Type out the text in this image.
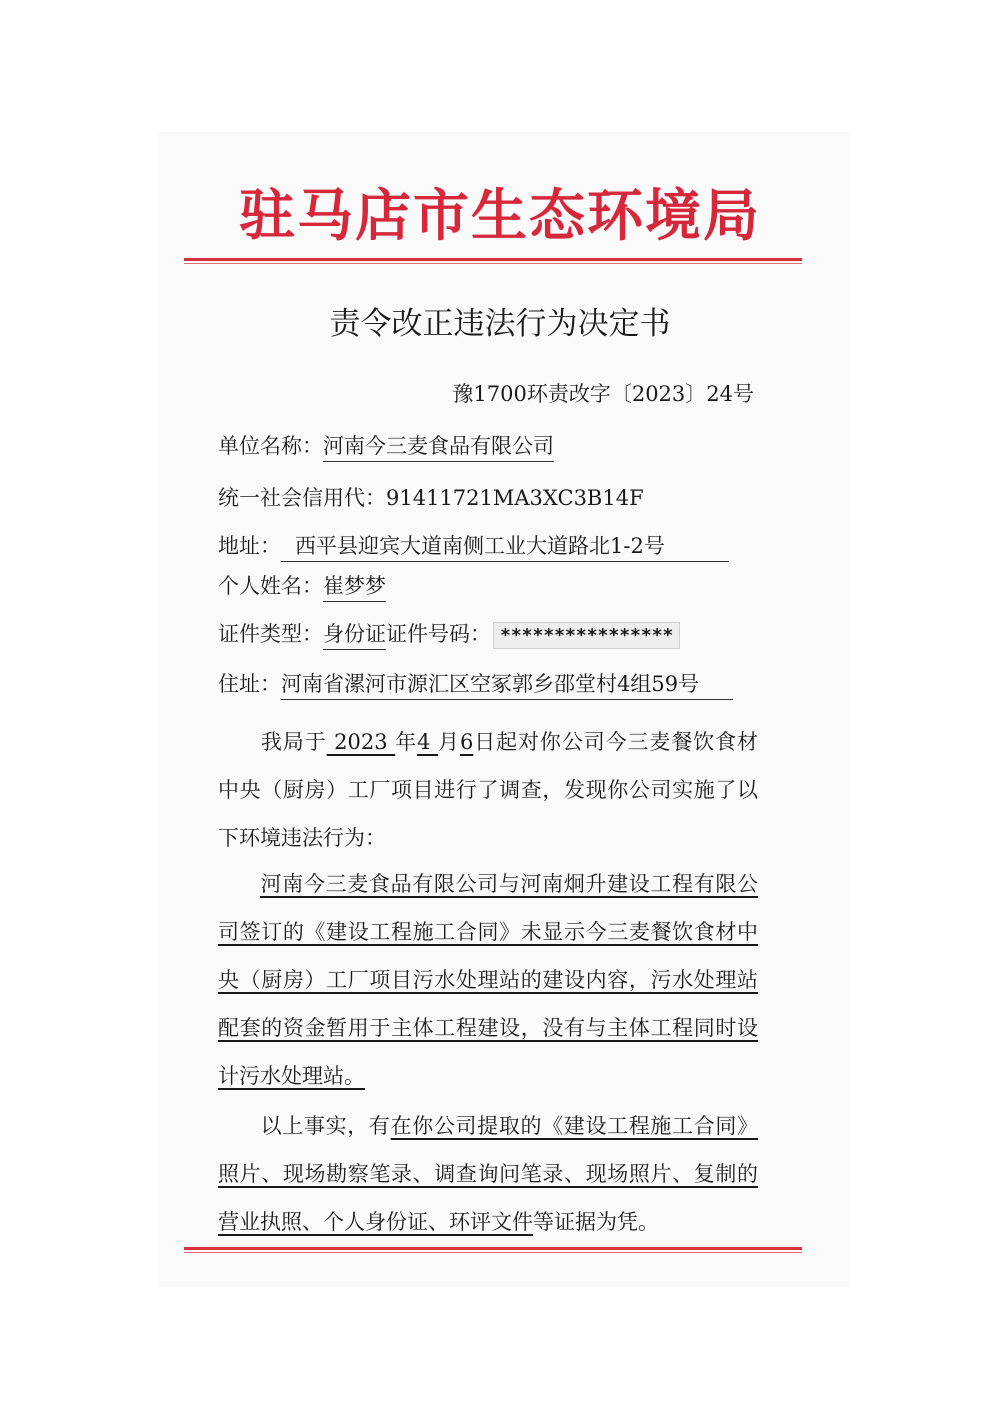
驻马店市生态环境局
责令改正违法行为决定书
豫1700环责改字〔2023〕24号
单位名称：河南今三麦食品有限公司
统一社会信用代：91411721MA3XC3B14F
地址： 西平县迎宾大道南侧工业大道路北1-2号
个人姓名：崔梦梦
证件类型：身份证证件号码： ****************
住址：河南省漯河市源汇区空冢郭乡邵堂村4组59号
我局于 2023 年4 月6日起对你公司今三麦餐饮食材中央（厨房）工厂项目进行了调查，发现你公司实施了以下环境违法行为：
河南今三麦食品有限公司与河南炯升建设工程有限公司签订的《建设工程施工合同》未显示今三麦餐饮食材中央（厨房）工厂项目污水处理站的建设内容，污水处理站配套的资金暂用于主体工程建设，没有与主体工程同时设计污水处理站。
以上事实，有在你公司提取的《建设工程施工合同》照片、现场勘察笔录、调查询问笔录、现场照片、复制的营业执照、个人身份证、环评文件等证据为凭。
